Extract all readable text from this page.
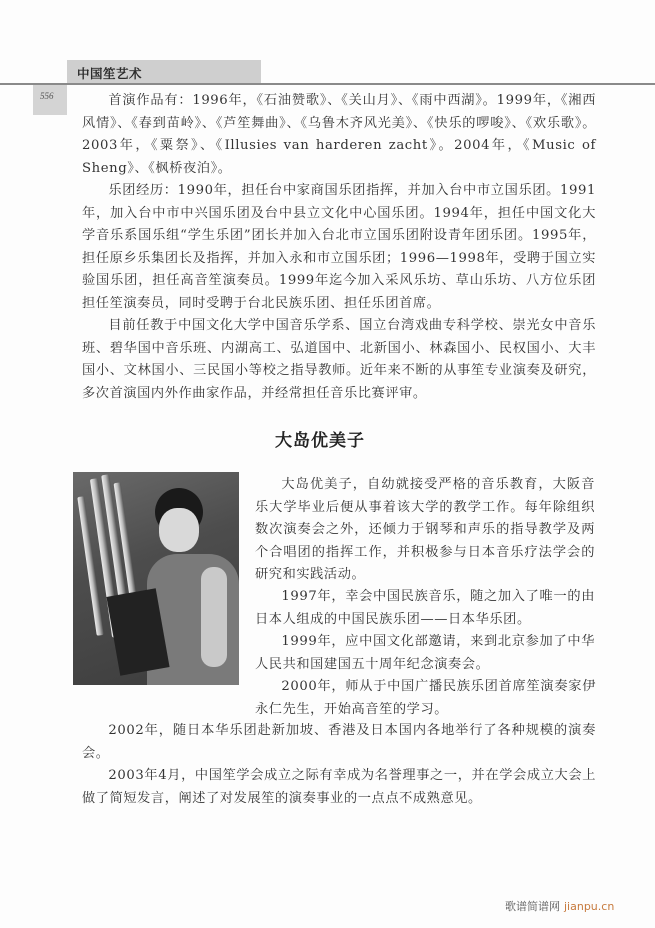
中国笙艺术
556	首演作品有：1996年，《石油赞歌》、《关山月》、《雨中西湖》。1999年，《湘西风情》、《春到苗岭》、《芦笙舞曲》、《乌鲁木齐风光美》、《快乐的啰唆》、《欢乐歌》。2003年，《粟祭》、《Illusies van harderen zacht》。2004年，《Music of Sheng》、《枫桥夜泊》。

乐团经历：1990年，担任台中家商国乐团指挥，并加入台中市立国乐团。1991年，加入台中市中兴国乐团及台中县立文化中心国乐团。1994年，担任中国文化大学音乐系国乐组“学生乐团”团长并加入台北市立国乐团附设青年团乐团。1995年，担任原乡乐集团长及指挥，并加入永和市立国乐团；1996—1998年，受聘于国立实验国乐团，担任高音笙演奏员。1999年迄今加入采风乐坊、草山乐坊、八方位乐团担任笙演奏员，同时受聘于台北民族乐团、担任乐团首席。

目前任教于中国文化大学中国音乐学系、国立台湾戏曲专科学校、崇光女中音乐班、碧华国中音乐班、内湖高工、弘道国中、北新国小、林森国小、民权国小、大丰国小、文林国小、三民国小等校之指导教师。近年来不断的从事笙专业演奏及研究，多次首演国内外作曲家作品，并经常担任音乐比赛评审。

大岛优美子

大岛优美子，自幼就接受严格的音乐教育，大阪音乐大学毕业后便从事着该大学的教学工作。每年除组织数次演奏会之外，还倾力于钢琴和声乐的指导教学及两个合唱团的指挥工作，并积极参与日本音乐疗法学会的研究和实践活动。

1997年，幸会中国民族音乐，随之加入了唯一的由日本人组成的中国民族乐团——日本华乐团。

1999年，应中国文化部邀请，来到北京参加了中华人民共和国建国五十周年纪念演奏会。

2000年，师从于中国广播民族乐团首席笙演奏家伊永仁先生，开始高音笙的学习。

2002年，随日本华乐团赴新加坡、香港及日本国内各地举行了各种规模的演奏会。

2003年4月，中国笙学会成立之际有幸成为名誉理事之一，并在学会成立大会上做了简短发言，阐述了对发展笙的演奏事业的一点点不成熟意见。

歌谱简谱网 jianpu.cn
